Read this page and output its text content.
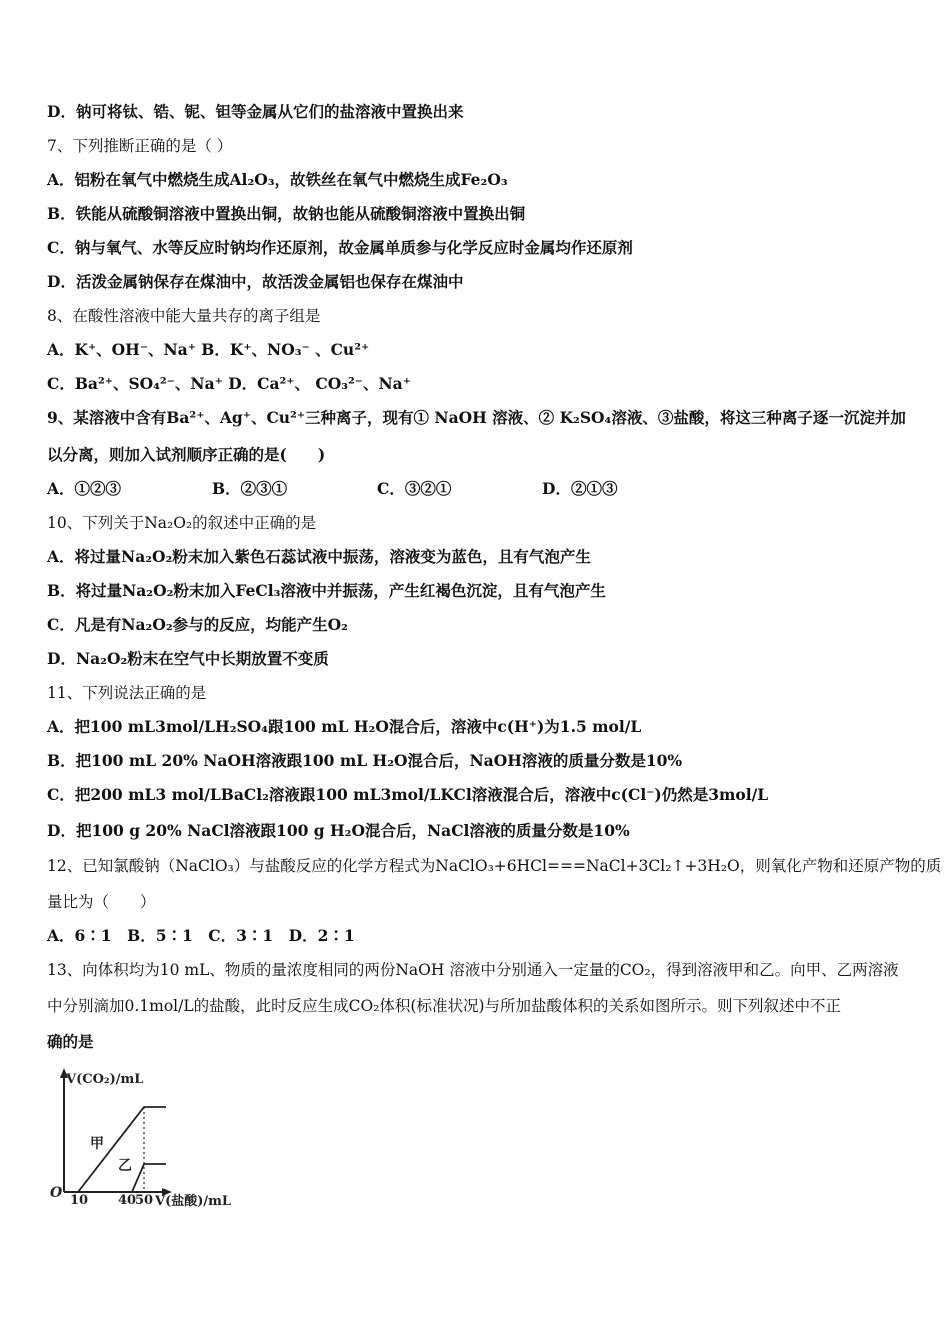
D．钠可将钛、锆、铌、钽等金属从它们的盐溶液中置换出来
7、下列推断正确的是（ ）
A．铝粉在氧气中燃烧生成Al₂O₃，故铁丝在氧气中燃烧生成Fe₂O₃
B．铁能从硫酸铜溶液中置换出铜，故钠也能从硫酸铜溶液中置换出铜
C．钠与氧气、水等反应时钠均作还原剂，故金属单质参与化学反应时金属均作还原剂
D．活泼金属钠保存在煤油中，故活泼金属铝也保存在煤油中
8、在酸性溶液中能大量共存的离子组是
A．K⁺、OH⁻、Na⁺ B．K⁺、NO₃⁻ 、Cu²⁺
C．Ba²⁺、SO₄²⁻、Na⁺ D．Ca²⁺、 CO₃²⁻、Na⁺
9、某溶液中含有Ba²⁺、Ag⁺、Cu²⁺三种离子，现有① NaOH 溶液、② K₂SO₄溶液、③盐酸，将这三种离子逐一沉淀并加
以分离，则加入试剂顺序正确的是(　　)
A．①②③	B．②③①	C．③②①	D．②①③
10、下列关于Na₂O₂的叙述中正确的是
A．将过量Na₂O₂粉末加入紫色石蕊试液中振荡，溶液变为蓝色，且有气泡产生
B．将过量Na₂O₂粉末加入FeCl₃溶液中并振荡，产生红褐色沉淀，且有气泡产生
C．凡是有Na₂O₂参与的反应，均能产生O₂
D．Na₂O₂粉末在空气中长期放置不变质
11、下列说法正确的是
A．把100 mL3mol/LH₂SO₄跟100 mL H₂O混合后，溶液中c(H⁺)为1.5 mol/L
B．把100 mL 20% NaOH溶液跟100 mL H₂O混合后，NaOH溶液的质量分数是10%
C．把200 mL3 mol/LBaCl₂溶液跟100 mL3mol/LKCl溶液混合后，溶液中c(Cl⁻)仍然是3mol/L
D．把100 g 20% NaCl溶液跟100 g H₂O混合后，NaCl溶液的质量分数是10%
12、已知氯酸钠（NaClO₃）与盐酸反应的化学方程式为NaClO₃+6HCl===NaCl+3Cl₂↑+3H₂O，则氧化产物和还原产物的质
量比为（　　）
A．6∶1　B．5∶1　C．3∶1　D．2∶1
13、向体积均为10 mL、物质的量浓度相同的两份NaOH 溶液中分别通入一定量的CO₂，得到溶液甲和乙。向甲、乙两溶液
中分别滴加0.1mol/L的盐酸，此时反应生成CO₂体积(标准状况)与所加盐酸体积的关系如图所示。则下列叙述中不正
确的是
V(CO₂)/mL
O 10 40
50 V(盐酸)/mL
甲
乙
